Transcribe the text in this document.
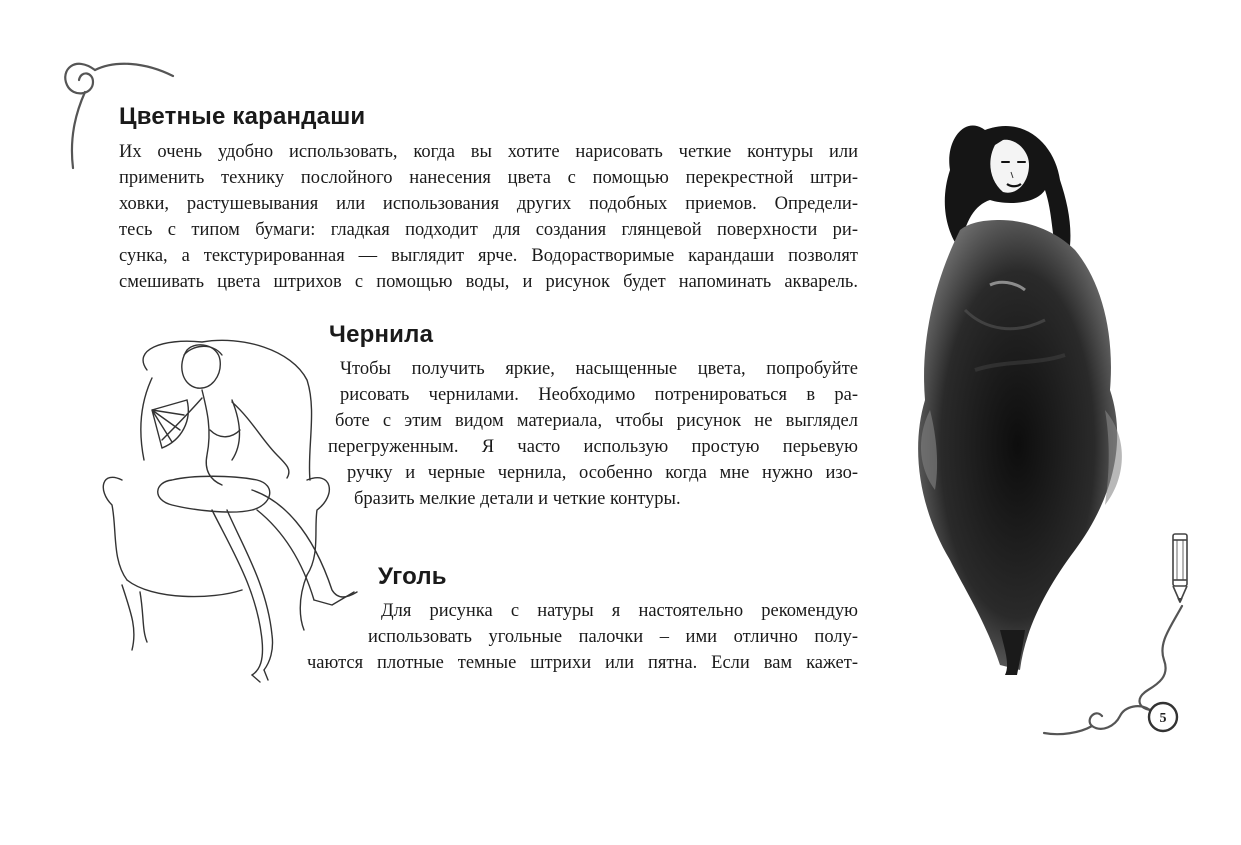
Цветные карандаши
Их очень удобно использовать, когда вы хотите нарисовать четкие контуры или
применить технику послойного нанесения цвета с помощью перекрестной штри-
ховки, растушевывания или использования других подобных приемов. Определи-
тесь с типом бумаги: гладкая подходит для создания глянцевой поверхности ри-
сунка, а текстурированная — выглядит ярче. Водорастворимые карандаши позволят
смешивать цвета штрихов с помощью воды, и рисунок будет напоминать акварель.
Чернила
Чтобы получить яркие, насыщенные цвета, попробуйте
рисовать чернилами. Необходимо потренироваться в ра-
боте с этим видом материала, чтобы рисунок не выглядел
перегруженным. Я часто использую простую перьевую
ручку и черные чернила, особенно когда мне нужно изо-
бразить мелкие детали и четкие контуры.
Уголь
Для рисунка с натуры я настоятельно рекомендую
использовать угольные палочки – ими отлично полу-
чаются плотные темные штрихи или пятна. Если вам кажет-
5
